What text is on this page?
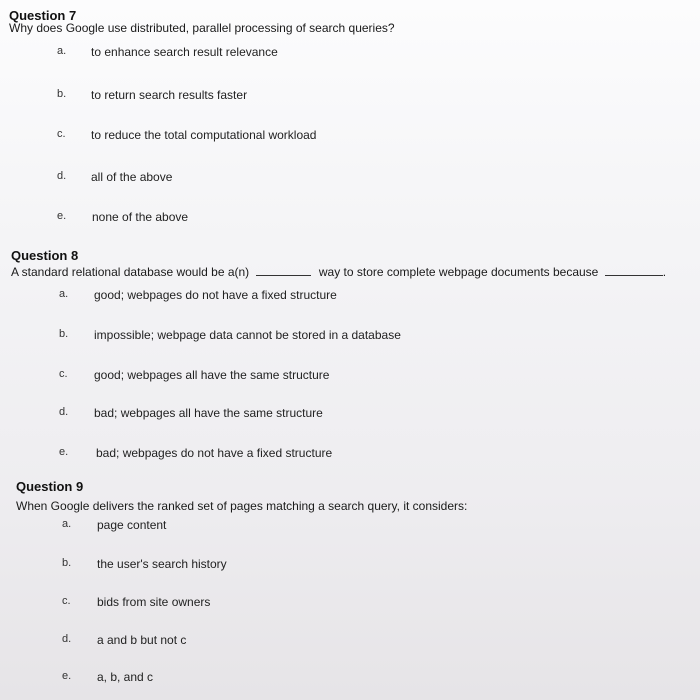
Question 7
Why does Google use distributed, parallel processing of search queries?
a. to enhance search result relevance
b. to return search results faster
c. to reduce the total computational workload
d. all of the above
e. none of the above
Question 8
A standard relational database would be a(n)	way to store complete webpage documents because	.
a. good; webpages do not have a fixed structure
b. impossible; webpage data cannot be stored in a database
c. good; webpages all have the same structure
d. bad; webpages all have the same structure
e. bad; webpages do not have a fixed structure
Question 9
When Google delivers the ranked set of pages matching a search query, it considers:
a. page content
b. the user's search history
c. bids from site owners
d. a and b but not c
e. a, b, and c
